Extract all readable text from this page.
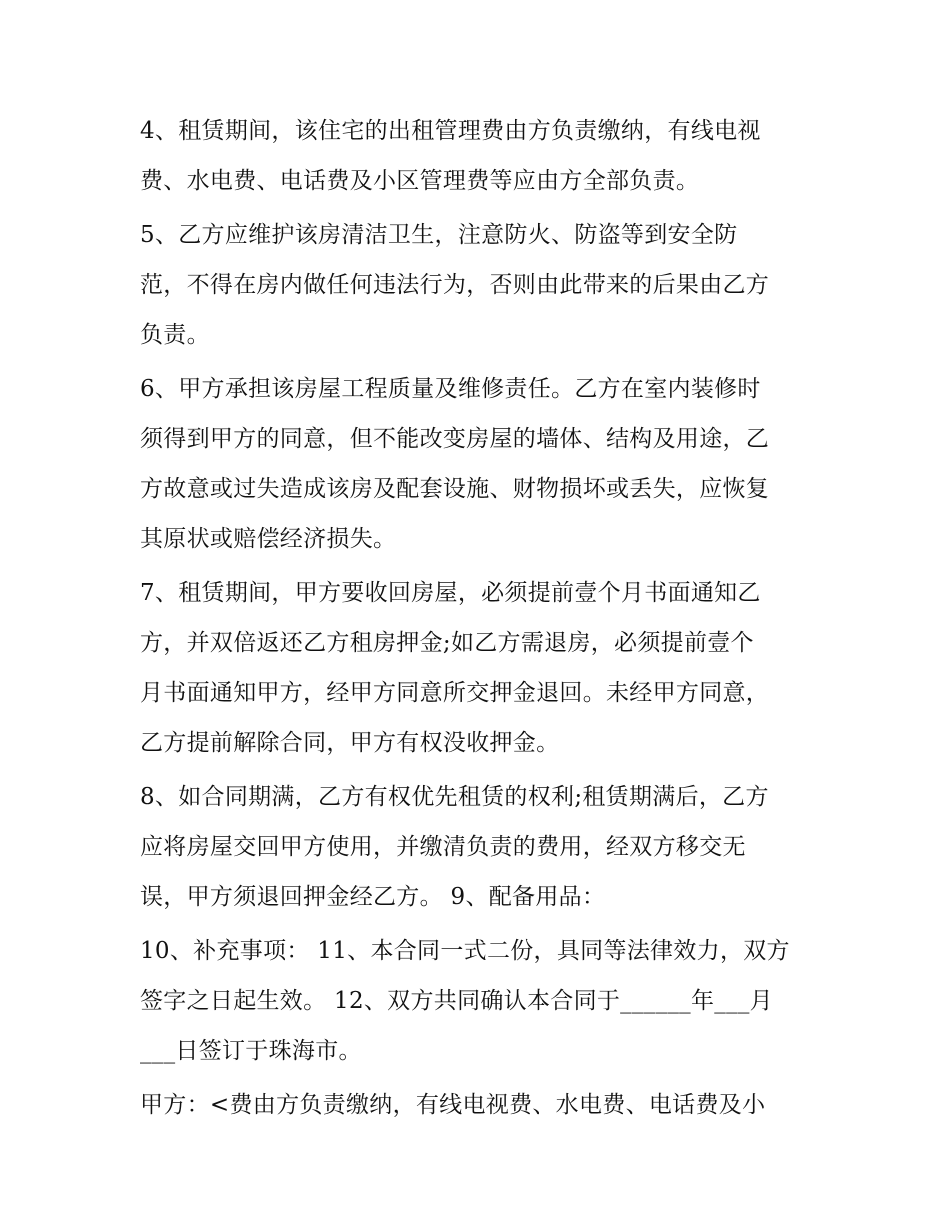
4、租赁期间，该住宅的出租管理费由方负责缴纳，有线电视
费、水电费、电话费及小区管理费等应由方全部负责。
5、乙方应维护该房清洁卫生，注意防火、防盗等到安全防
范，不得在房内做任何违法行为，否则由此带来的后果由乙方
负责。
6、甲方承担该房屋工程质量及维修责任。乙方在室内装修时
须得到甲方的同意，但不能改变房屋的墙体、结构及用途，乙
方故意或过失造成该房及配套设施、财物损坏或丢失，应恢复
其原状或赔偿经济损失。
7、租赁期间，甲方要收回房屋，必须提前壹个月书面通知乙
方，并双倍返还乙方租房押金;如乙方需退房，必须提前壹个
月书面通知甲方，经甲方同意所交押金退回。未经甲方同意，
乙方提前解除合同，甲方有权没收押金。
8、如合同期满，乙方有权优先租赁的权利;租赁期满后，乙方
应将房屋交回甲方使用，并缴清负责的费用，经双方移交无
误，甲方须退回押金经乙方。 9、配备用品：
10、补充事项： 11、本合同一式二份，具同等法律效力，双方
签字之日起生效。 12、双方共同确认本合同于______年___月
___日签订于珠海市。
甲方：<费由方负责缴纳，有线电视费、水电费、电话费及小
